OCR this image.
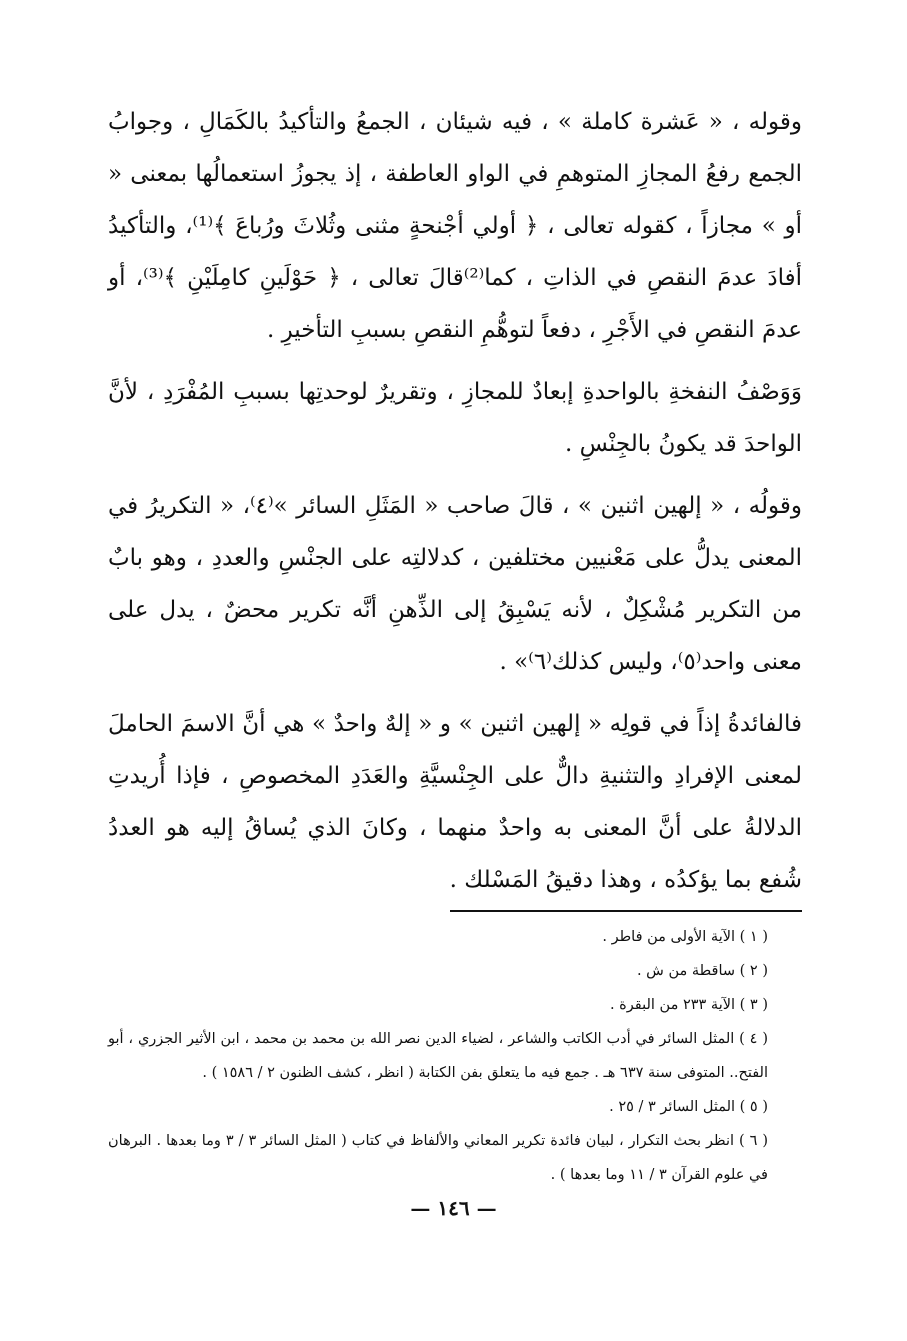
وقوله ، « عَشرة كاملة » ، فيه شيئان ، الجمعُ والتأكيدُ بالكَمَالِ ، وجوابُ الجمع رفعُ المجازِ المتوهمِ في الواو العاطفة ، إذ يجوزُ استعمالُها بمعنى « أو » مجازاً ، كقوله تعالى ، ﴿ أولي أجْنحةٍ مثنى وثُلاثَ ورُباعَ ﴾⁽¹⁾، والتأكيدُ أفادَ عدمَ النقصِ في الذاتِ ، كما⁽²⁾قالَ تعالى ، ﴿ حَوْلَينِ كامِلَيْنِ ﴾⁽³⁾، أو عدمَ النقصِ في الأَجْرِ ، دفعاً لتوهُّمِ النقصِ بسببِ التأخيرِ .

وَوَصْفُ النفخةِ بالواحدةِ إبعادٌ للمجازِ ، وتقريرٌ لوحدتِها بسببِ المُفْرَدِ ، لأنَّ الواحدَ قد يكونُ بالجِنْسِ .

وقولُه ، « إلهين اثنين » ، قالَ صاحب « المَثَلِ السائر »⁽٤⁾، « التكريرُ في المعنى يدلُّ على مَعْنيين مختلفين ، كدلالتِه على الجنْسِ والعددِ ، وهو بابٌ من التكرير مُشْكِلٌ ، لأنه يَسْبِقُ إلى الذِّهنِ أنَّه تكرير محضٌ ، يدل على معنى واحد⁽٥⁾، وليس كذلك⁽٦⁾» .

فالفائدةُ إذاً في قولِه « إلهين اثنين » و « إلهٌ واحدٌ » هي أنَّ الاسمَ الحاملَ لمعنى الإفرادِ والتثنيةِ دالٌّ على الجِنْسيَّةِ والعَدَدِ المخصوصِ ، فإذا أُريدتِ الدلالةُ على أنَّ المعنى به واحدٌ منهما ، وكانَ الذي يُساقُ إليه هو العددُ شُفع بما يؤكدُه ، وهذا دقيقُ المَسْلك .

( ١ ) الآية الأولى من فاطر .
( ٢ ) ساقطة من ش .
( ٣ ) الآية ٢٣٣ من البقرة .
( ٤ ) المثل السائر في أدب الكاتب والشاعر ، لضياء الدين نصر الله بن محمد بن محمد ، ابن الأثير الجزري ، أبو الفتح.. المتوفى سنة ٦٣٧ هـ . جمع فيه ما يتعلق بفن الكتابة ( انظر ، كشف الظنون ٢ / ١٥٨٦ ) .
( ٥ ) المثل السائر ٣ / ٢٥ .
( ٦ ) انظر بحث التكرار ، لبيان فائدة تكرير المعاني والألفاظ في كتاب ( المثل السائر ٣ / ٣ وما بعدها . البرهان في علوم القرآن ٣ / ١١ وما بعدها ) .
— ١٤٦ —
